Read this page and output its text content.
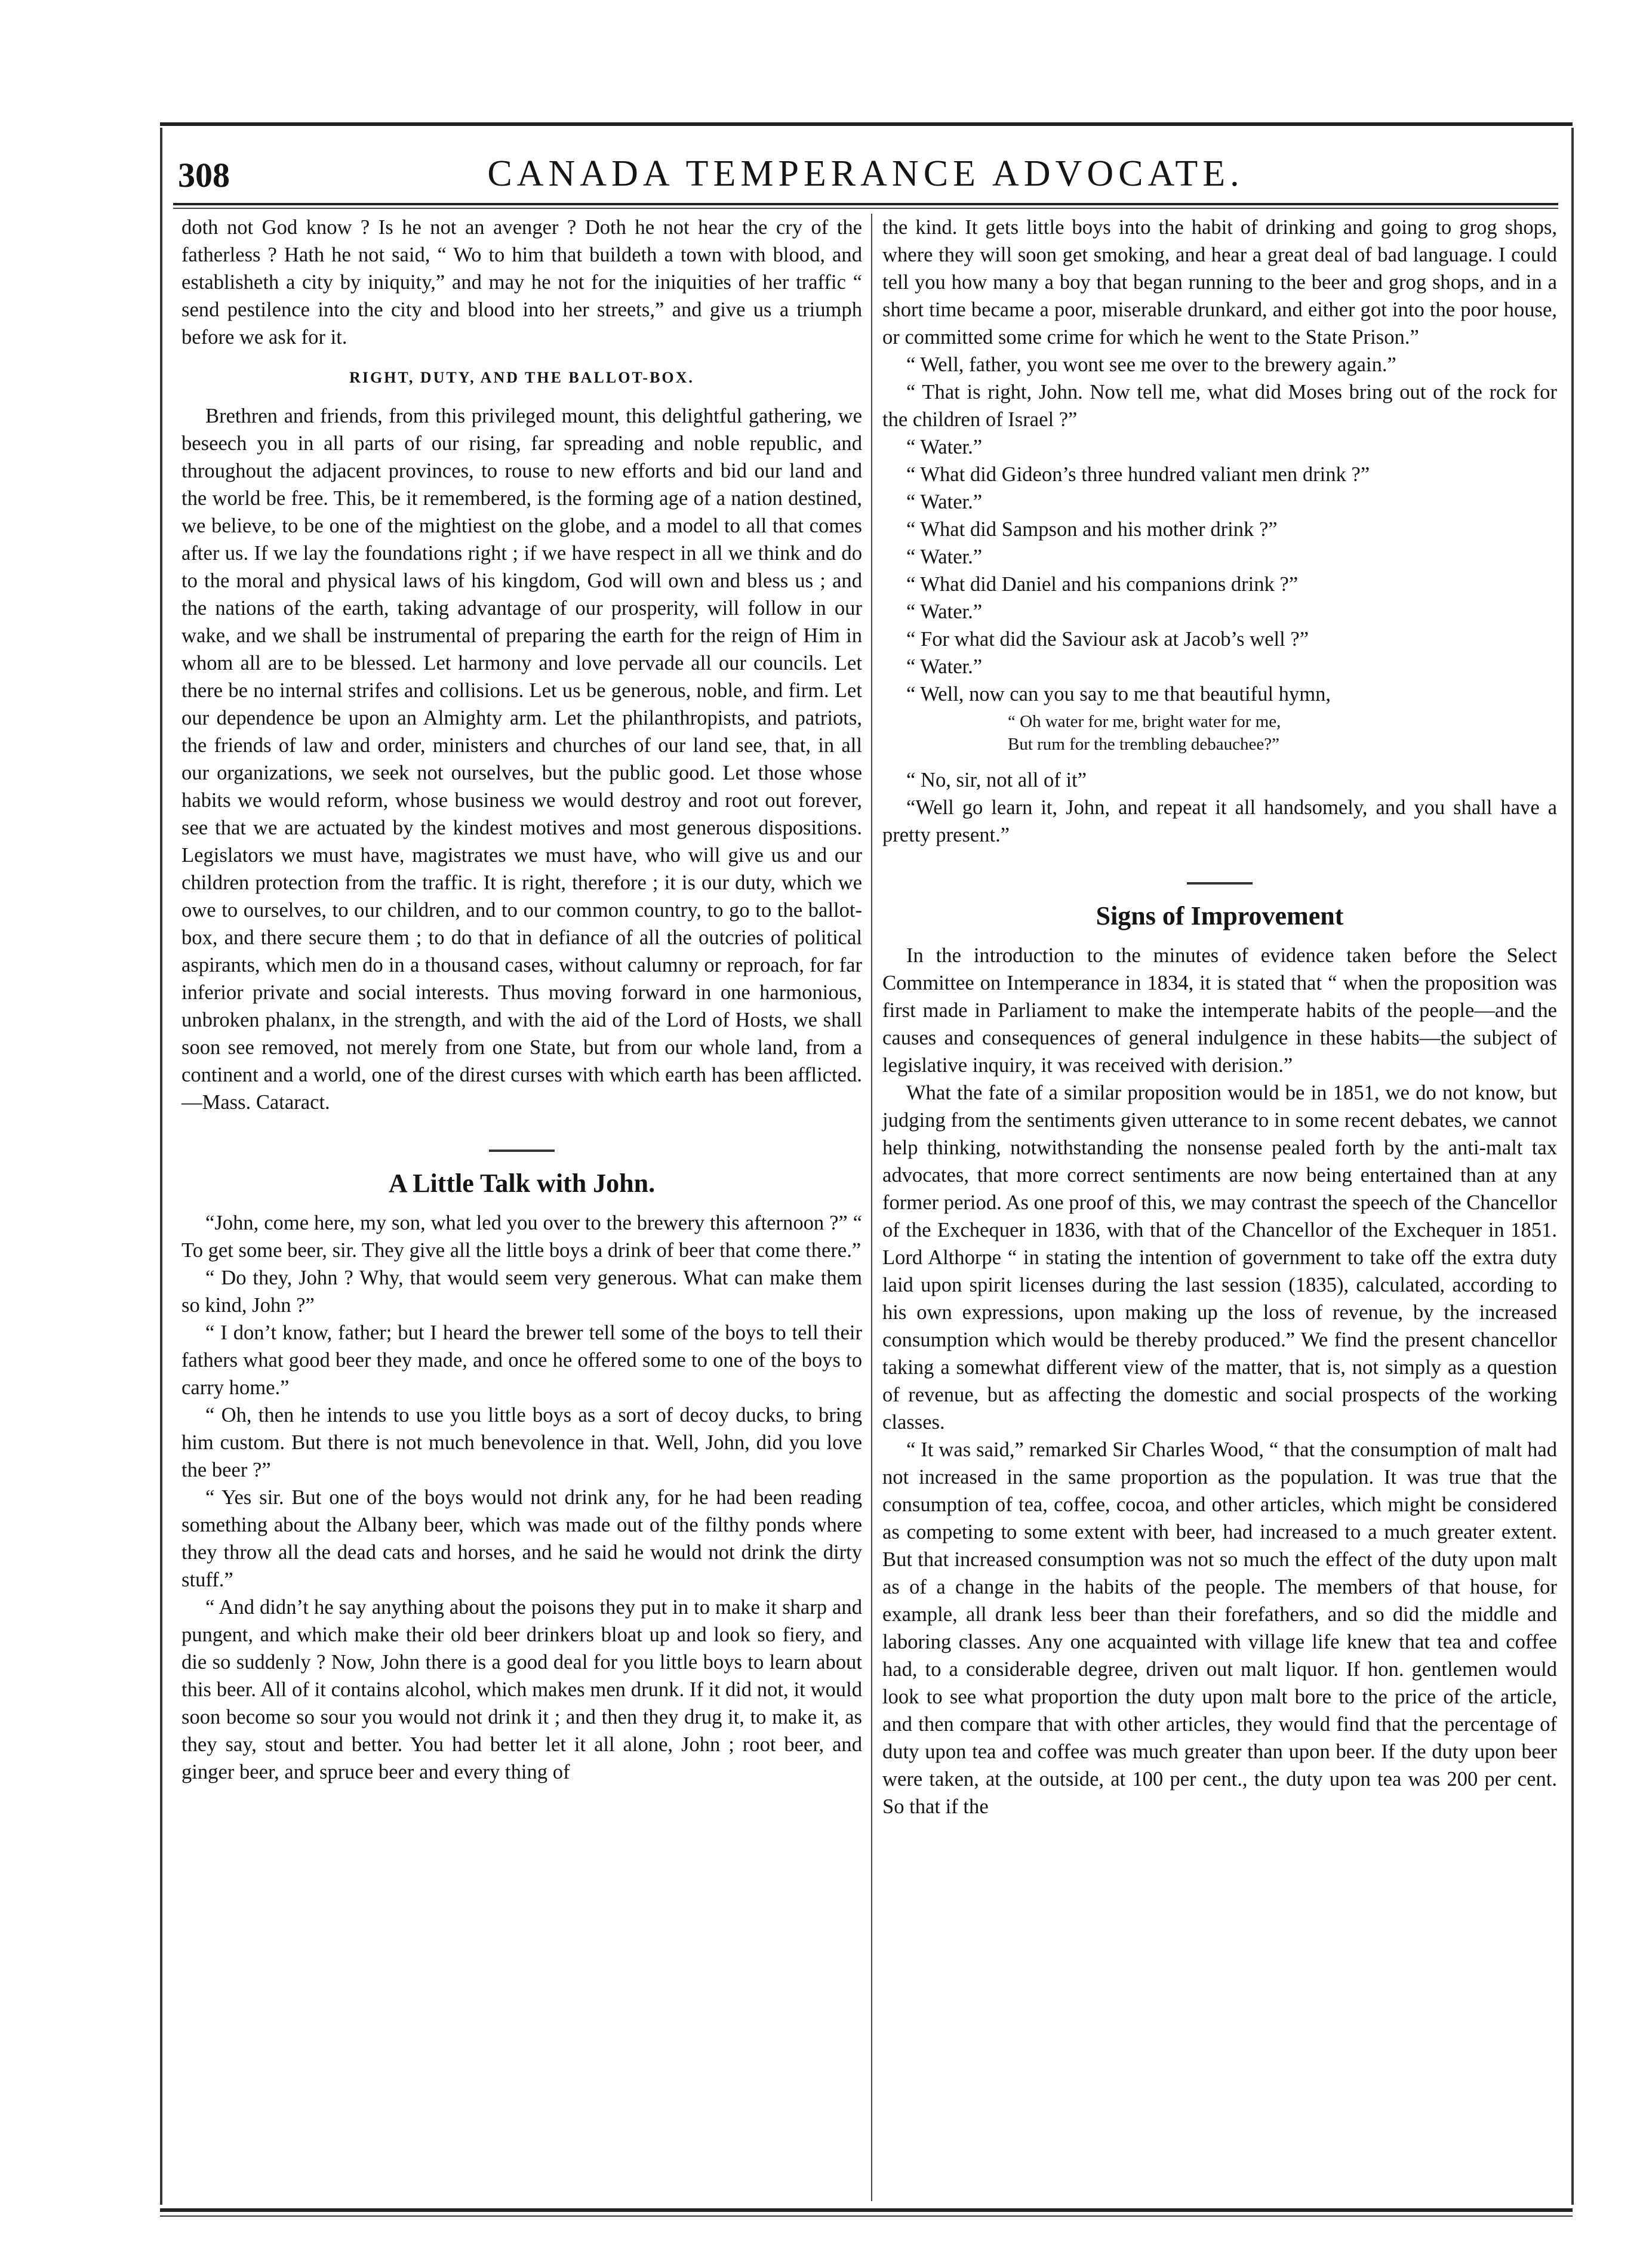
308	CANADA TEMPERANCE ADVOCATE.

doth not God know ? Is he not an avenger ? Doth he not hear the cry of the fatherless ? Hath he not said, “ Wo to him that buildeth a town with blood, and establisheth a city by iniquity,” and may he not for the iniquities of her traffic “ send pestilence into the city and blood into her streets,” and give us a triumph before we ask for it.

RIGHT, DUTY, AND THE BALLOT-BOX.

Brethren and friends, from this privileged mount, this delightful gathering, we beseech you in all parts of our rising, far spreading and noble republic, and throughout the adjacent provinces, to rouse to new efforts and bid our land and the world be free. This, be it remembered, is the forming age of a nation destined, we believe, to be one of the mightiest on the globe, and a model to all that comes after us. If we lay the foundations right ; if we have respect in all we think and do to the moral and physical laws of his kingdom, God will own and bless us ; and the nations of the earth, taking advantage of our prosperity, will follow in our wake, and we shall be instrumental of preparing the earth for the reign of Him in whom all are to be blessed. Let harmony and love pervade all our councils. Let there be no internal strifes and collisions. Let us be generous, noble, and firm. Let our dependence be upon an Almighty arm. Let the philanthropists, and patriots, the friends of law and order, ministers and churches of our land see, that, in all our organizations, we seek not ourselves, but the public good. Let those whose habits we would reform, whose business we would destroy and root out forever, see that we are actuated by the kindest motives and most generous dispositions. Legislators we must have, magistrates we must have, who will give us and our children protection from the traffic. It is right, therefore ; it is our duty, which we owe to ourselves, to our children, and to our common country, to go to the ballot-box, and there secure them ; to do that in defiance of all the outcries of political aspirants, which men do in a thousand cases, without calumny or reproach, for far inferior private and social interests. Thus moving forward in one harmonious, unbroken phalanx, in the strength, and with the aid of the Lord of Hosts, we shall soon see removed, not merely from one State, but from our whole land, from a continent and a world, one of the direst curses with which earth has been afflicted.—Mass. Cataract.

A Little Talk with John.

“John, come here, my son, what led you over to the brewery this afternoon ?” “ To get some beer, sir. They give all the little boys a drink of beer that come there.”

“ Do they, John ? Why, that would seem very generous. What can make them so kind, John ?”

“ I don’t know, father; but I heard the brewer tell some of the boys to tell their fathers what good beer they made, and once he offered some to one of the boys to carry home.”

“ Oh, then he intends to use you little boys as a sort of decoy ducks, to bring him custom. But there is not much benevolence in that. Well, John, did you love the beer ?”

“ Yes sir. But one of the boys would not drink any, for he had been reading something about the Albany beer, which was made out of the filthy ponds where they throw all the dead cats and horses, and he said he would not drink the dirty stuff.”

“ And didn’t he say anything about the poisons they put in to make it sharp and pungent, and which make their old beer drinkers bloat up and look so fiery, and die so suddenly ? Now, John there is a good deal for you little boys to learn about this beer. All of it contains alcohol, which makes men drunk. If it did not, it would soon become so sour you would not drink it ; and then they drug it, to make it, as they say, stout and better. You had better let it all alone, John ; root beer, and ginger beer, and spruce beer and every thing of

the kind. It gets little boys into the habit of drinking and going to grog shops, where they will soon get smoking, and hear a great deal of bad language. I could tell you how many a boy that began running to the beer and grog shops, and in a short time became a poor, miserable drunkard, and either got into the poor house, or committed some crime for which he went to the State Prison.”

“ Well, father, you wont see me over to the brewery again.”

“ That is right, John. Now tell me, what did Moses bring out of the rock for the children of Israel ?”

“ Water.”

“ What did Gideon’s three hundred valiant men drink ?”

“ Water.”

“ What did Sampson and his mother drink ?”

“ Water.”

“ What did Daniel and his companions drink ?”

“ Water.”

“ For what did the Saviour ask at Jacob’s well ?”

“ Water.”

“ Well, now can you say to me that beautiful hymn,

“ Oh water for me, bright water for me,
But rum for the trembling debauchee?”

“ No, sir, not all of it”

“Well go learn it, John, and repeat it all handsomely, and you shall have a pretty present.”

Signs of Improvement

In the introduction to the minutes of evidence taken before the Select Committee on Intemperance in 1834, it is stated that “ when the proposition was first made in Parliament to make the intemperate habits of the people—and the causes and consequences of general indulgence in these habits—the subject of legislative inquiry, it was received with derision.”

What the fate of a similar proposition would be in 1851, we do not know, but judging from the sentiments given utterance to in some recent debates, we cannot help thinking, notwithstanding the nonsense pealed forth by the anti-malt tax advocates, that more correct sentiments are now being entertained than at any former period. As one proof of this, we may contrast the speech of the Chancellor of the Exchequer in 1836, with that of the Chancellor of the Exchequer in 1851. Lord Althorpe “ in stating the intention of government to take off the extra duty laid upon spirit licenses during the last session (1835), calculated, according to his own expressions, upon making up the loss of revenue, by the increased consumption which would be thereby produced.” We find the present chancellor taking a somewhat different view of the matter, that is, not simply as a question of revenue, but as affecting the domestic and social prospects of the working classes.

“ It was said,” remarked Sir Charles Wood, “ that the consumption of malt had not increased in the same proportion as the population. It was true that the consumption of tea, coffee, cocoa, and other articles, which might be considered as competing to some extent with beer, had increased to a much greater extent. But that increased consumption was not so much the effect of the duty upon malt as of a change in the habits of the people. The members of that house, for example, all drank less beer than their forefathers, and so did the middle and laboring classes. Any one acquainted with village life knew that tea and coffee had, to a considerable degree, driven out malt liquor. If hon. gentlemen would look to see what proportion the duty upon malt bore to the price of the article, and then compare that with other articles, they would find that the percentage of duty upon tea and coffee was much greater than upon beer. If the duty upon beer were taken, at the outside, at 100 per cent., the duty upon tea was 200 per cent. So that if the
